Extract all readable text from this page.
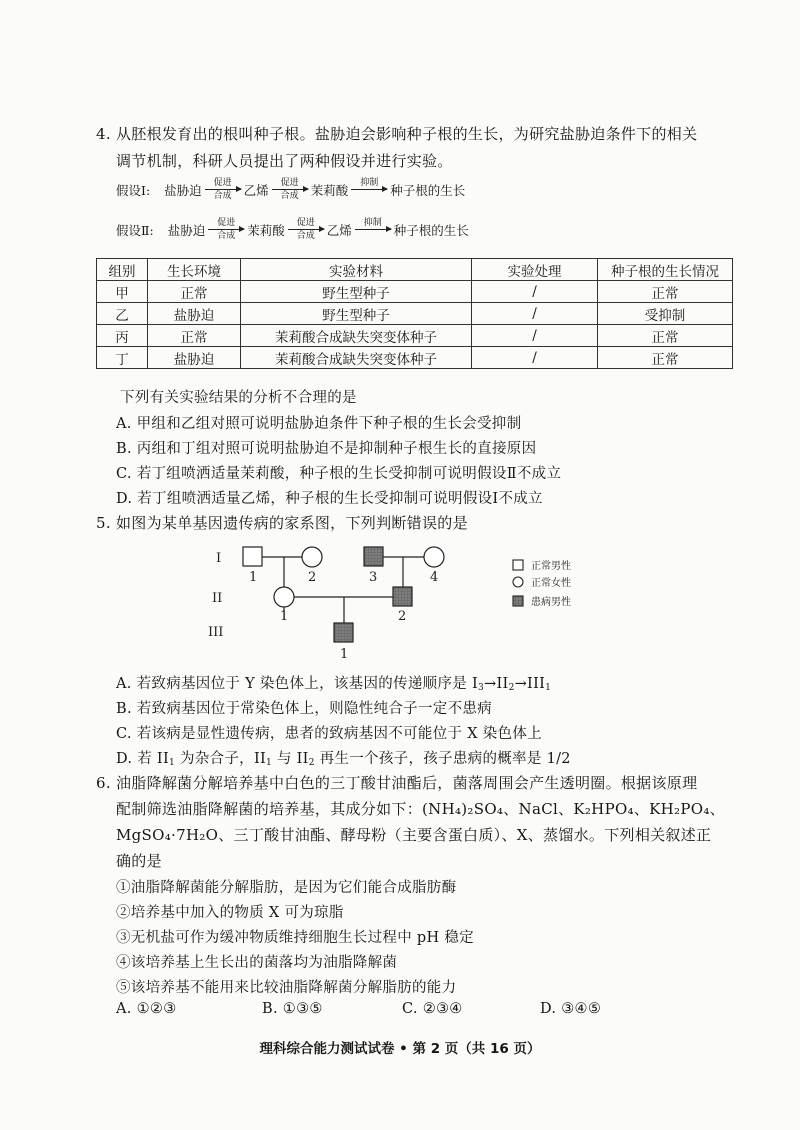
4. 从胚根发育出的根叫种子根。盐胁迫会影响种子根的生长，为研究盐胁迫条件下的相关
调节机制，科研人员提出了两种假设并进行实验。
假设Ⅰ: 盐胁迫 促进
合成 乙烯 促进
合成 茉莉酸 抑制
种子根的生长
假设Ⅱ: 盐胁迫 促进
合成 茉莉酸 促进
合成 乙烯 抑制
种子根的生长
组别	生长环境	实验材料	实验处理	种子根的生长情况
甲	正常	野生型种子	/	正常
乙	盐胁迫	野生型种子	/	受抑制
丙	正常	茉莉酸合成缺失突变体种子	/	正常
丁	盐胁迫	茉莉酸合成缺失突变体种子	/	正常
下列有关实验结果的分析不合理的是
A. 甲组和乙组对照可说明盐胁迫条件下种子根的生长会受抑制
B. 丙组和丁组对照可说明盐胁迫不是抑制种子根生长的直接原因
C. 若丁组喷洒适量茉莉酸，种子根的生长受抑制可说明假设Ⅱ不成立
D. 若丁组喷洒适量乙烯，种子根的生长受抑制可说明假设Ⅰ不成立
5. 如图为某单基因遗传病的家系图，下列判断错误的是
I
II
III
1	2	3	4
1	2
1
正常男性
正常女性
患病男性
A. 若致病基因位于 Y 染色体上，该基因的传递顺序是 $I_3\to II_2\to III_1$
B. 若致病基因位于常染色体上，则隐性纯合子一定不患病
C. 若该病是显性遗传病，患者的致病基因不可能位于 X 染色体上
D. 若 $II_1$ 为杂合子，$II_1$ 与 $II_2$ 再生一个孩子，孩子患病的概率是 1/2
6. 油脂降解菌分解培养基中白色的三丁酸甘油酯后，菌落周围会产生透明圈。根据该原理
配制筛选油脂降解菌的培养基，其成分如下：(NH₄)₂SO₄、NaCl、K₂HPO₄、KH₂PO₄、
MgSO₄·7H₂O、三丁酸甘油酯、酵母粉（主要含蛋白质）、X、蒸馏水。下列相关叙述正
确的是
①油脂降解菌能分解脂肪，是因为它们能合成脂肪酶
②培养基中加入的物质 X 可为琼脂
③无机盐可作为缓冲物质维持细胞生长过程中 pH 稳定
④该培养基上生长出的菌落均为油脂降解菌
⑤该培养基不能用来比较油脂降解菌分解脂肪的能力
A. ①②③	B. ①③⑤	C. ②③④	D. ③④⑤
理科综合能力测试试卷 • 第 2 页（共 16 页）
